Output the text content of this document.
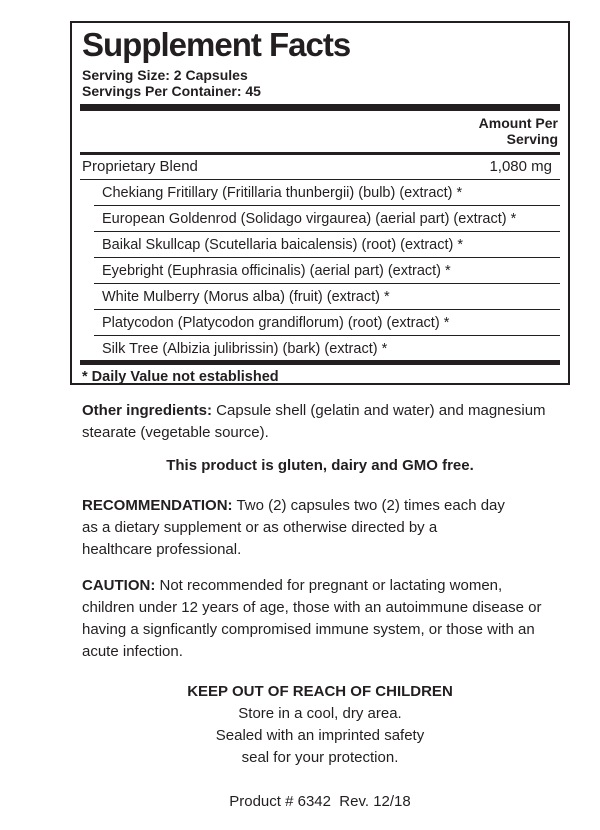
Supplement Facts
Serving Size: 2 Capsules
Servings Per Container: 45
Amount Per
Serving
Proprietary Blend	1,080 mg
Chekiang Fritillary (Fritillaria thunbergii) (bulb) (extract) *
European Goldenrod (Solidago virgaurea) (aerial part) (extract) *
Baikal Skullcap (Scutellaria baicalensis) (root) (extract) *
Eyebright (Euphrasia officinalis) (aerial part) (extract) *
White Mulberry (Morus alba) (fruit) (extract) *
Platycodon (Platycodon grandiflorum) (root) (extract) *
Silk Tree (Albizia julibrissin) (bark) (extract) *
* Daily Value not established
Other ingredients: Capsule shell (gelatin and water) and magnesium
stearate (vegetable source).
This product is gluten, dairy and GMO free.
RECOMMENDATION: Two (2) capsules two (2) times each day
as a dietary supplement or as otherwise directed by a
healthcare professional.
CAUTION: Not recommended for pregnant or lactating women,
children under 12 years of age, those with an autoimmune disease or
having a signficantly compromised immune system, or those with an
acute infection.
KEEP OUT OF REACH OF CHILDREN
Store in a cool, dry area.
Sealed with an imprinted safety
seal for your protection.
Product # 6342  Rev. 12/18
